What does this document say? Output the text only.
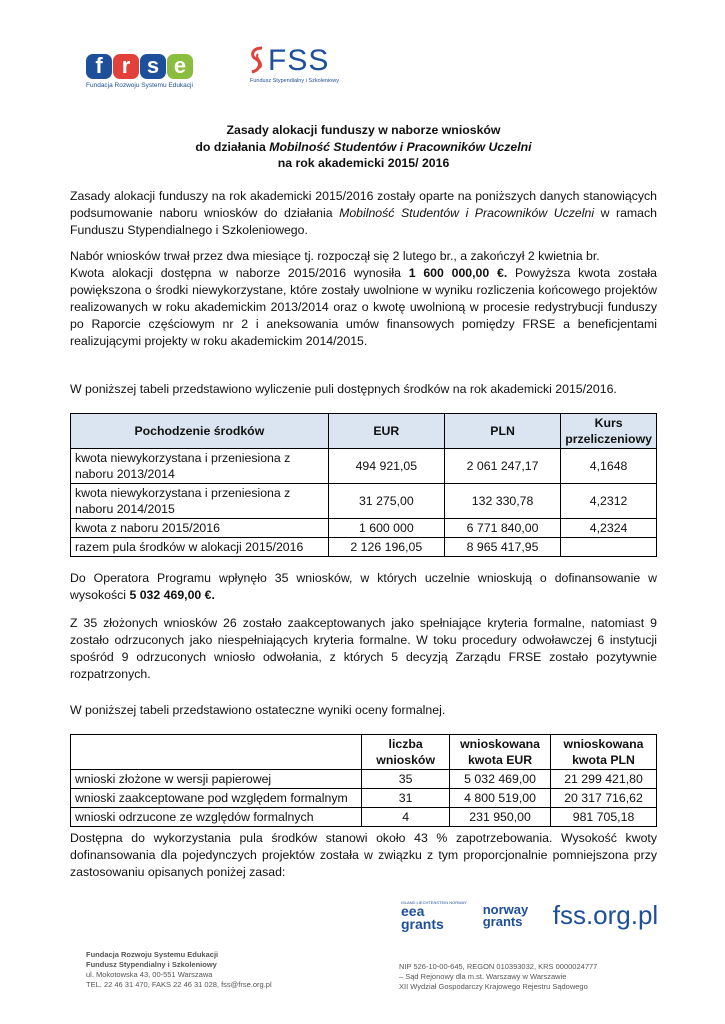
f r s e
Fundacja Rozwoju Systemu Edukacji
FSS
Fundusz Stypendialny i Szkoleniowy
Zasady alokacji funduszy w naborze wniosków
do działania Mobilność Studentów i Pracowników Uczelni
na rok akademicki 2015/ 2016

Zasady alokacji funduszy na rok akademicki 2015/2016 zostały oparte na poniższych danych stanowiących podsumowanie naboru wniosków do działania Mobilność Studentów i Pracowników Uczelni w ramach Funduszu Stypendialnego i Szkoleniowego.

Nabór wniosków trwał przez dwa miesiące tj. rozpoczął się 2 lutego br., a zakończył 2 kwietnia br.

Kwota alokacji dostępna w naborze 2015/2016 wynosiła 1 600 000,00 €. Powyższa kwota została powiększona o środki niewykorzystane, które zostały uwolnione w wyniku rozliczenia końcowego projektów realizowanych w roku akademickim 2013/2014 oraz o kwotę uwolnioną w procesie redystrybucji funduszy po Raporcie częściowym nr 2 i aneksowania umów finansowych pomiędzy FRSE a beneficjentami realizującymi projekty w roku akademickim 2014/2015.

W poniższej tabeli przedstawiono wyliczenie puli dostępnych środków na rok akademicki 2015/2016.

Pochodzenie środków	EUR	PLN	Kurs przeliczeniowy
kwota niewykorzystana i przeniesiona z naboru 2013/2014	494 921,05	2 061 247,17	4,1648
kwota niewykorzystana i przeniesiona z naboru 2014/2015	31 275,00	132 330,78	4,2312
kwota z naboru 2015/2016	1 600 000	6 771 840,00	4,2324
razem pula środków w alokacji 2015/2016	2 126 196,05	8 965 417,95	

Do Operatora Programu wpłynęło 35 wniosków, w których uczelnie wnioskują o dofinansowanie w wysokości 5 032 469,00 €.

Z 35 złożonych wniosków 26 zostało zaakceptowanych jako spełniające kryteria formalne, natomiast 9 zostało odrzuconych jako niespełniających kryteria formalne. W toku procedury odwoławczej 6 instytucji spośród 9 odrzuconych wniosło odwołania, z których 5 decyzją Zarządu FRSE zostało pozytywnie rozpatrzonych.

W poniższej tabeli przedstawiono ostateczne wyniki oceny formalnej.

	liczba wniosków	wnioskowana kwota EUR	wnioskowana kwota PLN
wnioski złożone w wersji papierowej	35	5 032 469,00	21 299 421,80
wnioski zaakceptowane pod względem formalnym	31	4 800 519,00	20 317 716,62
wnioski odrzucone ze względów formalnych	4	231 950,00	981 705,18

Dostępna do wykorzystania pula środków stanowi około 43 % zapotrzebowania. Wysokość kwoty dofinansowania dla pojedynczych projektów została w związku z tym proporcjonalnie pomniejszona przy zastosowaniu opisanych poniżej zasad:

ISLAND LIECHTENSTEIN NORWAY
eea grants
norway grants	fss.org.pl
Fundacja Rozwoju Systemu Edukacji
Fundusz Stypendialny i Szkoleniowy
ul. Mokotowska 43, 00-551 Warszawa
TEL. 22 46 31 470, FAKS 22 46 31 028, fss@frse.org.pl
NIP 526-10-00-645, REGON 010393032, KRS 0000024777
– Sąd Rejonowy dla m.st. Warszawy w Warszawie
XII Wydział Gospodarczy Krajowego Rejestru Sądowego
